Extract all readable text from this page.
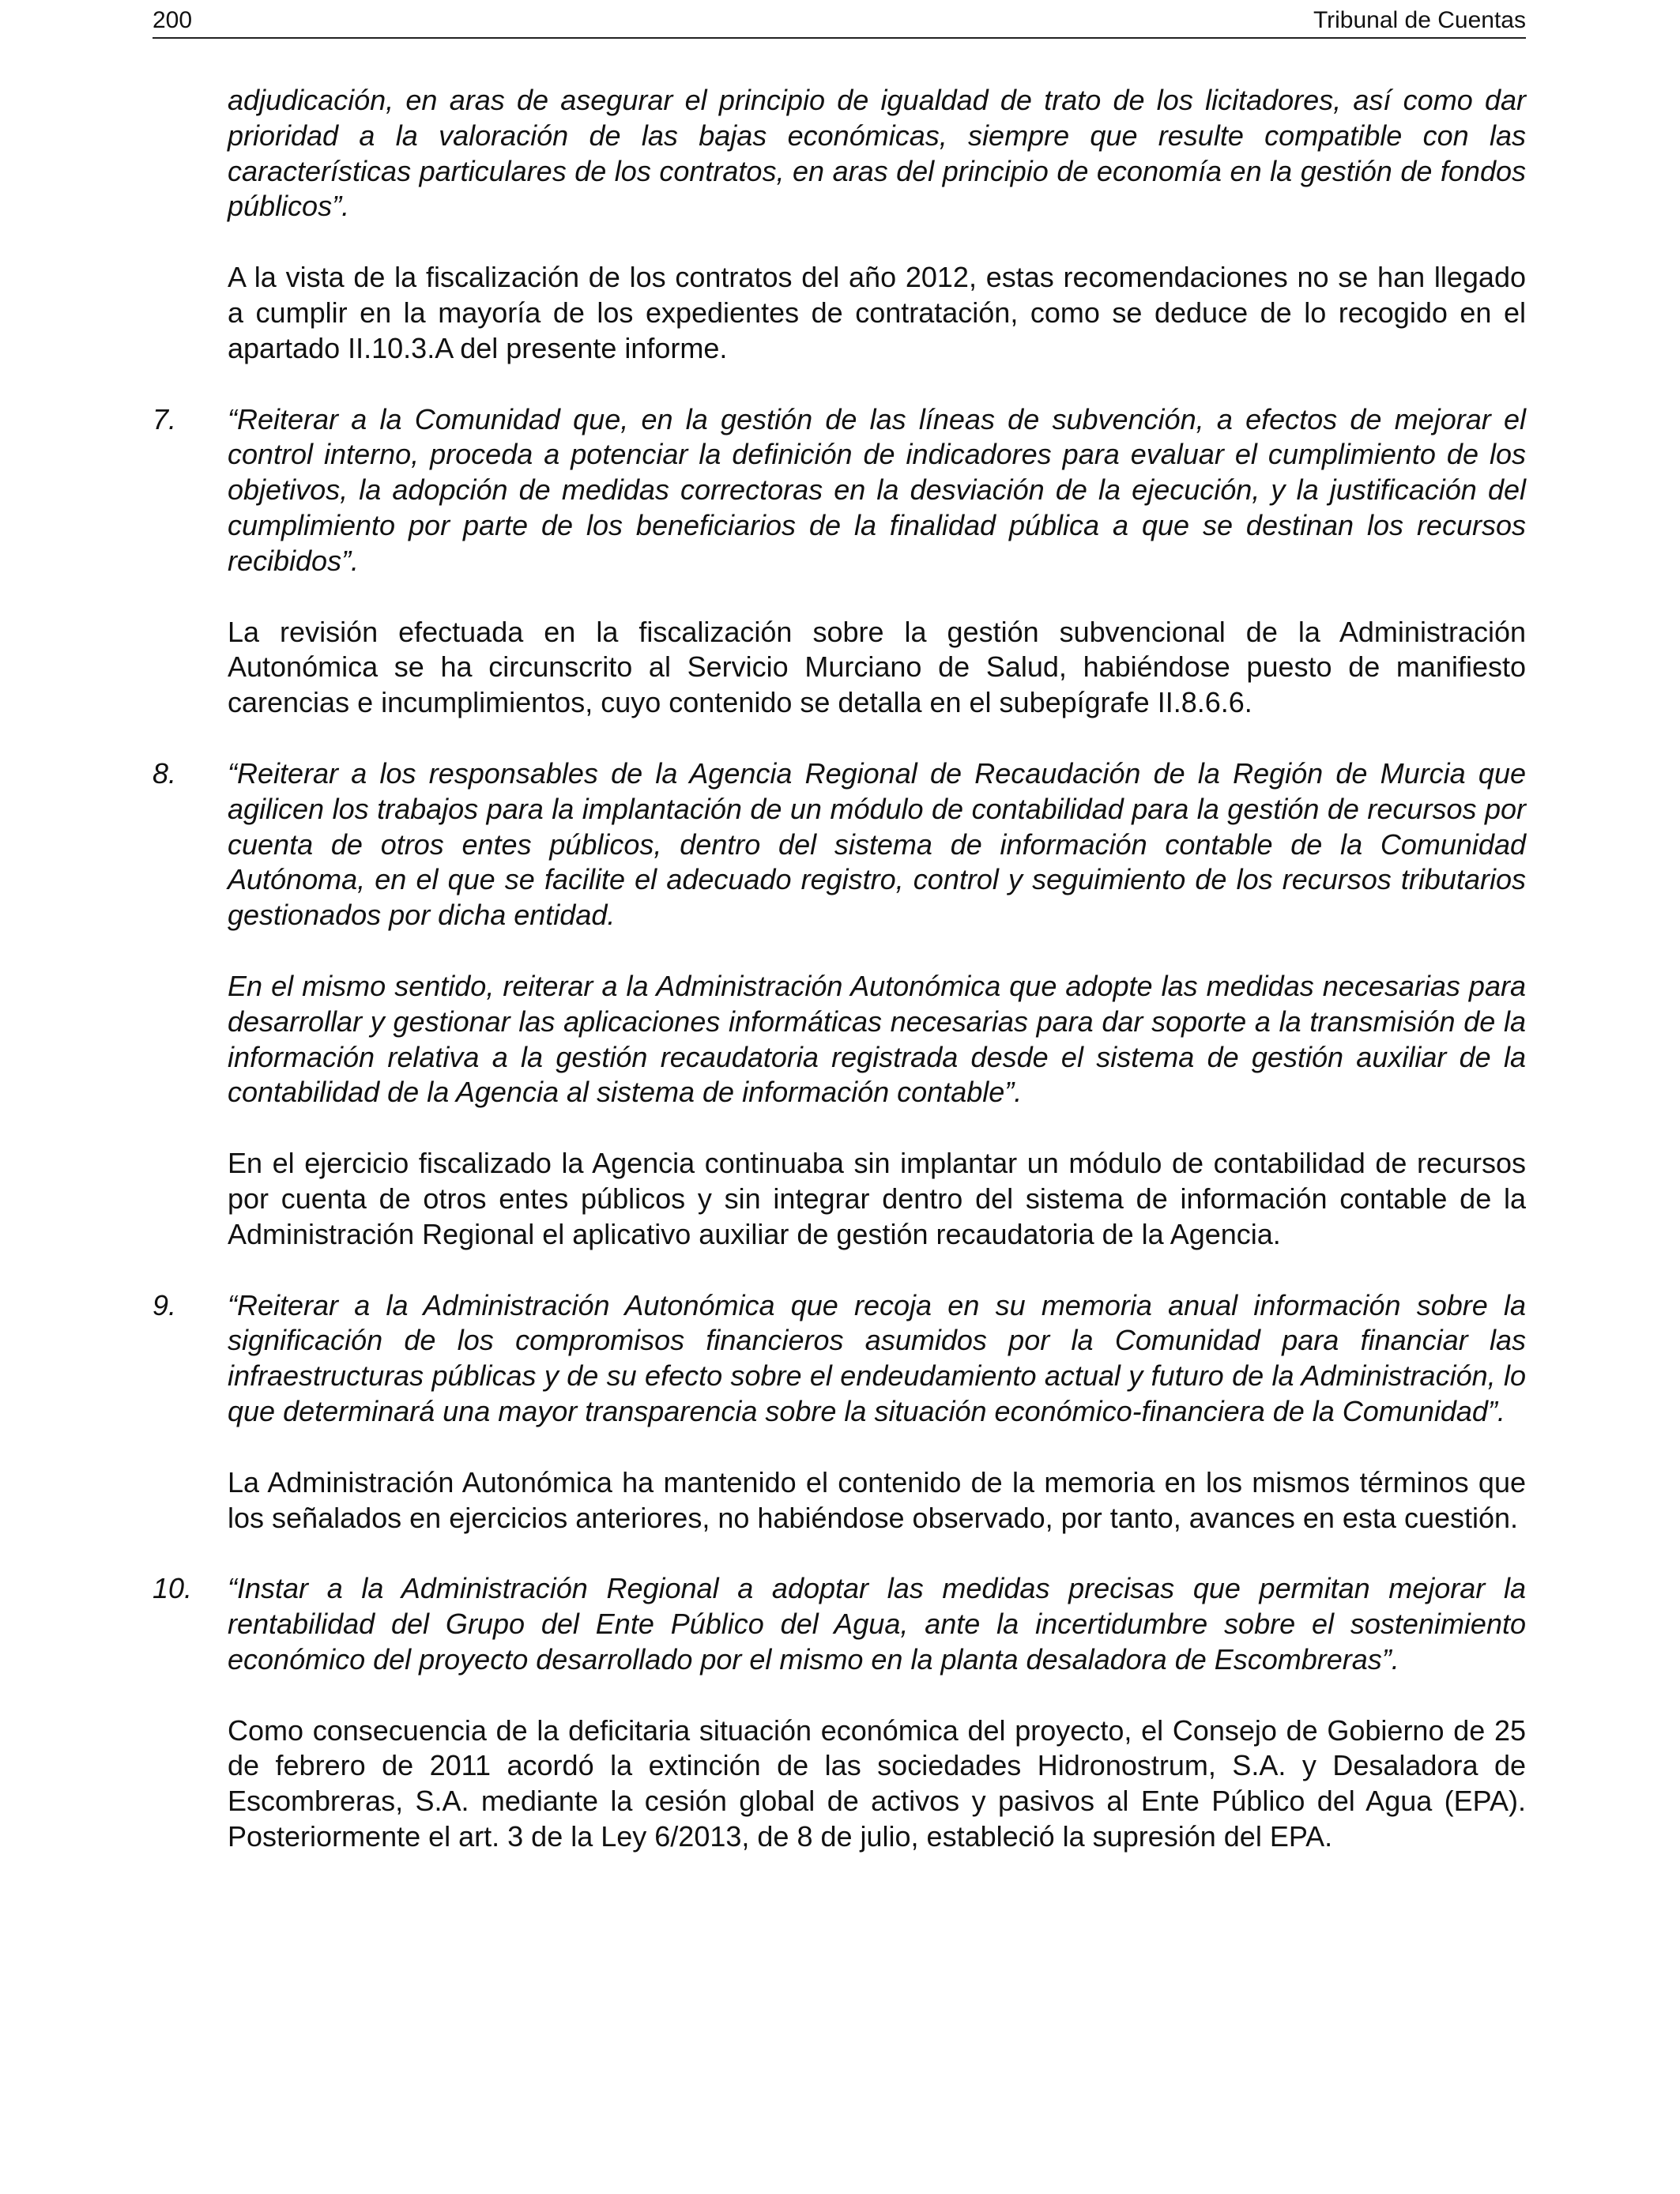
200	Tribunal de Cuentas

adjudicación, en aras de asegurar el principio de igualdad de trato de los licitadores, así como dar prioridad a la valoración de las bajas económicas, siempre que resulte compatible con las características particulares de los contratos, en aras del principio de economía en la gestión de fondos públicos”.

A la vista de la fiscalización de los contratos del año 2012, estas recomendaciones no se han llegado a cumplir en la mayoría de los expedientes de contratación, como se deduce de lo recogido en el apartado II.10.3.A del presente informe.

7. “Reiterar a la Comunidad que, en la gestión de las líneas de subvención, a efectos de mejorar el control interno, proceda a potenciar la definición de indicadores para evaluar el cumplimiento de los objetivos, la adopción de medidas correctoras en la desviación de la ejecución, y la justificación del cumplimiento por parte de los beneficiarios de la finalidad pública a que se destinan los recursos recibidos”.

La revisión efectuada en la fiscalización sobre la gestión subvencional de la Administración Autonómica se ha circunscrito al Servicio Murciano de Salud, habiéndose puesto de manifiesto carencias e incumplimientos, cuyo contenido se detalla en el subepígrafe II.8.6.6.

8. “Reiterar a los responsables de la Agencia Regional de Recaudación de la Región de Murcia que agilicen los trabajos para la implantación de un módulo de contabilidad para la gestión de recursos por cuenta de otros entes públicos, dentro del sistema de información contable de la Comunidad Autónoma, en el que se facilite el adecuado registro, control y seguimiento de los recursos tributarios gestionados por dicha entidad.

En el mismo sentido, reiterar a la Administración Autonómica que adopte las medidas necesarias para desarrollar y gestionar las aplicaciones informáticas necesarias para dar soporte a la transmisión de la información relativa a la gestión recaudatoria registrada desde el sistema de gestión auxiliar de la contabilidad de la Agencia al sistema de información contable”.

En el ejercicio fiscalizado la Agencia continuaba sin implantar un módulo de contabilidad de recursos por cuenta de otros entes públicos y sin integrar dentro del sistema de información contable de la Administración Regional el aplicativo auxiliar de gestión recaudatoria de la Agencia.

9. “Reiterar a la Administración Autonómica que recoja en su memoria anual información sobre la significación de los compromisos financieros asumidos por la Comunidad para financiar las infraestructuras públicas y de su efecto sobre el endeudamiento actual y futuro de la Administración, lo que determinará una mayor transparencia sobre la situación económico-financiera de la Comunidad”.

La Administración Autonómica ha mantenido el contenido de la memoria en los mismos términos que los señalados en ejercicios anteriores, no habiéndose observado, por tanto, avances en esta cuestión.

10. “Instar a la Administración Regional a adoptar las medidas precisas que permitan mejorar la rentabilidad del Grupo del Ente Público del Agua, ante la incertidumbre sobre el sostenimiento económico del proyecto desarrollado por el mismo en la planta desaladora de Escombreras”.

Como consecuencia de la deficitaria situación económica del proyecto, el Consejo de Gobierno de 25 de febrero de 2011 acordó la extinción de las sociedades Hidronostrum, S.A. y Desaladora de Escombreras, S.A. mediante la cesión global de activos y pasivos al Ente Público del Agua (EPA). Posteriormente el art. 3 de la Ley 6/2013, de 8 de julio, estableció la supresión del EPA.
